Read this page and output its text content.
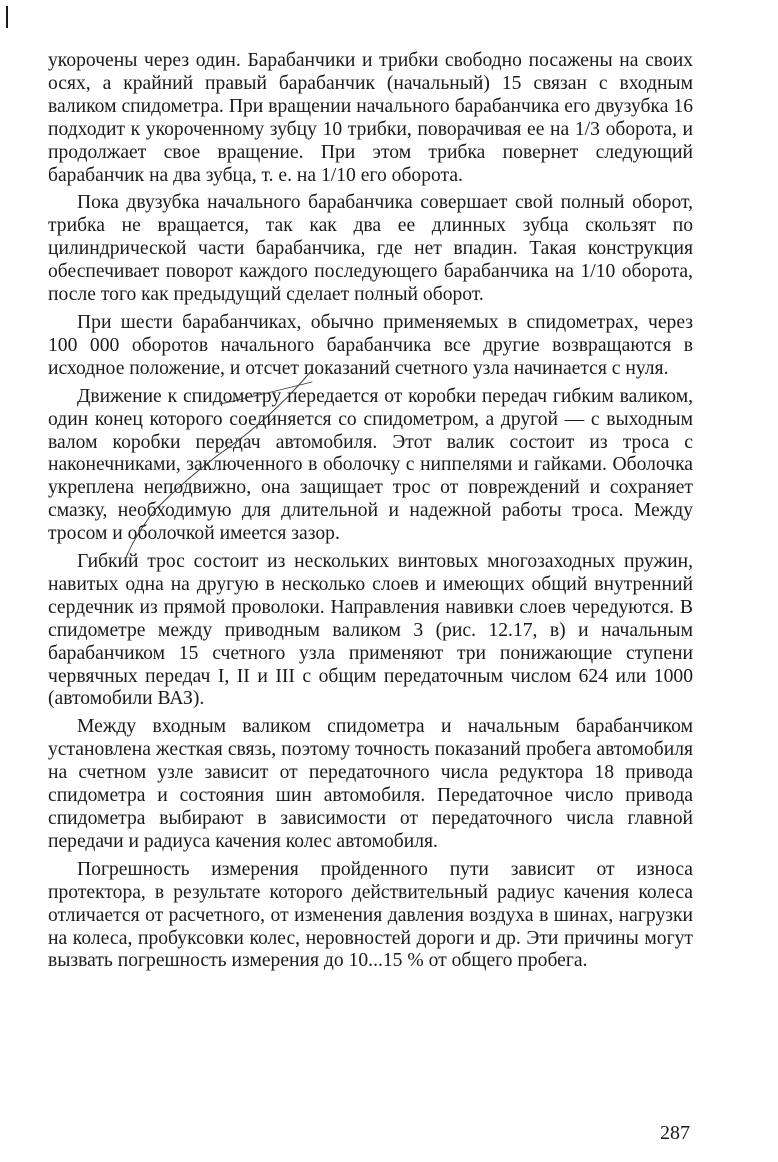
укорочены через один. Барабанчики и трибки свободно посажены на своих осях, а крайний правый барабанчик (начальный) 15 связан с входным валиком спидометра. При вращении начального барабанчика его двузубка 16 подходит к укороченному зубцу 10 трибки, поворачивая ее на 1/3 оборота, и продолжает свое вращение. При этом трибка повернет следующий барабанчик на два зубца, т. е. на 1/10 его оборота.

Пока двузубка начального барабанчика совершает свой полный оборот, трибка не вращается, так как два ее длинных зубца скользят по цилиндрической части барабанчика, где нет впадин. Такая конструкция обеспечивает поворот каждого последующего барабанчика на 1/10 оборота, после того как предыдущий сделает полный оборот.

При шести барабанчиках, обычно применяемых в спидометрах, через 100 000 оборотов начального барабанчика все другие возвращаются в исходное положение, и отсчет показаний счетного узла начинается с нуля.

Движение к спидометру передается от коробки передач гибким валиком, один конец которого соединяется со спидометром, а другой — с выходным валом коробки передач автомобиля. Этот валик состоит из троса с наконечниками, заключенного в оболочку с ниппелями и гайками. Оболочка укреплена неподвижно, она защищает трос от повреждений и сохраняет смазку, необходимую для длительной и надежной работы троса. Между тросом и оболочкой имеется зазор.

Гибкий трос состоит из нескольких винтовых многозаходных пружин, навитых одна на другую в несколько слоев и имеющих общий внутренний сердечник из прямой проволоки. Направления навивки слоев чередуются. В спидометре между приводным валиком 3 (рис. 12.17, в) и начальным барабанчиком 15 счетного узла применяют три понижающие ступени червячных передач I, II и III с общим передаточным числом 624 или 1000 (автомобили ВАЗ).

Между входным валиком спидометра и начальным барабанчиком установлена жесткая связь, поэтому точность показаний пробега автомобиля на счетном узле зависит от передаточного числа редуктора 18 привода спидометра и состояния шин автомобиля. Передаточное число привода спидометра выбирают в зависимости от передаточного числа главной передачи и радиуса качения колес автомобиля.

Погрешность измерения пройденного пути зависит от износа протектора, в результате которого действительный радиус качения колеса отличается от расчетного, от изменения давления воздуха в шинах, нагрузки на колеса, пробуксовки колес, неровностей дороги и др. Эти причины могут вызвать погрешность измерения до 10...15 % от общего пробега.

287
